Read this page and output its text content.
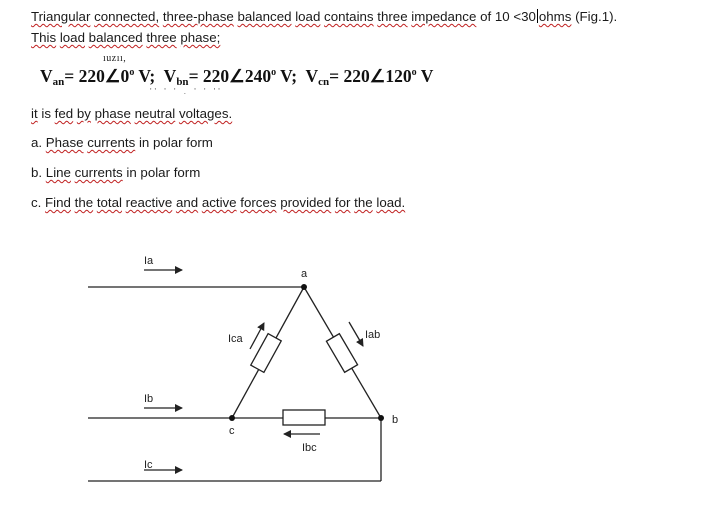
Triangular connected, three-phase balanced load contains three impedance of 10 <30 ohms (Fig.1).
This load balanced three phase;
ıuzıı,
'' ' ' . ' ' ''
$V_{an}=$ $220\angle 0^o$ V;  $V_{bn}=$ $220\angle 240^o$ V;  $V_{cn}=$ $220\angle 120^o$ V
it is fed by phase neutral voltages.
a. Phase currents in polar form
b. Line currents in polar form
c. Find the total reactive and active forces provided for the load.
Ia
Ib
Ic
a
b
c
Ica	Iab
Ibc
